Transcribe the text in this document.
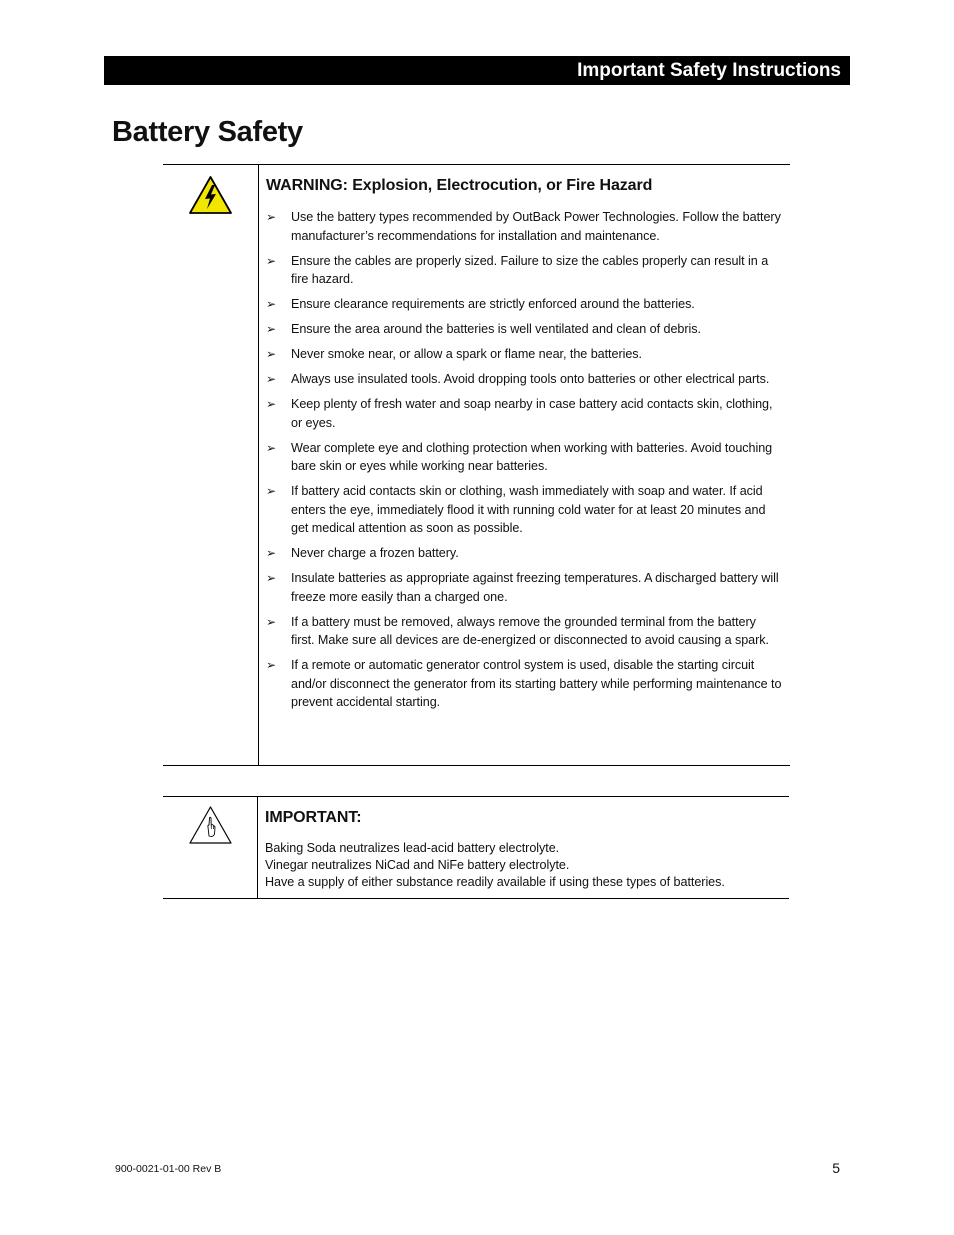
Important Safety Instructions
Battery Safety
WARNING: Explosion, Electrocution, or Fire Hazard
➢ Use the battery types recommended by OutBack Power Technologies. Follow the battery manufacturer’s recommendations for installation and maintenance.
➢ Ensure the cables are properly sized. Failure to size the cables properly can result in a fire hazard.
➢ Ensure clearance requirements are strictly enforced around the batteries.
➢ Ensure the area around the batteries is well ventilated and clean of debris.
➢ Never smoke near, or allow a spark or flame near, the batteries.
➢ Always use insulated tools. Avoid dropping tools onto batteries or other electrical parts.
➢ Keep plenty of fresh water and soap nearby in case battery acid contacts skin, clothing, or eyes.
➢ Wear complete eye and clothing protection when working with batteries. Avoid touching bare skin or eyes while working near batteries.
➢ If battery acid contacts skin or clothing, wash immediately with soap and water. If acid enters the eye, immediately flood it with running cold water for at least 20 minutes and get medical attention as soon as possible.
➢ Never charge a frozen battery.
➢ Insulate batteries as appropriate against freezing temperatures. A discharged battery will freeze more easily than a charged one.
➢ If a battery must be removed, always remove the grounded terminal from the battery first. Make sure all devices are de-energized or disconnected to avoid causing a spark.
➢ If a remote or automatic generator control system is used, disable the starting circuit and/or disconnect the generator from its starting battery while performing maintenance to prevent accidental starting.
IMPORTANT:
Baking Soda neutralizes lead-acid battery electrolyte.
Vinegar neutralizes NiCad and NiFe battery electrolyte.
Have a supply of either substance readily available if using these types of batteries.
900-0021-01-00 Rev B	5
